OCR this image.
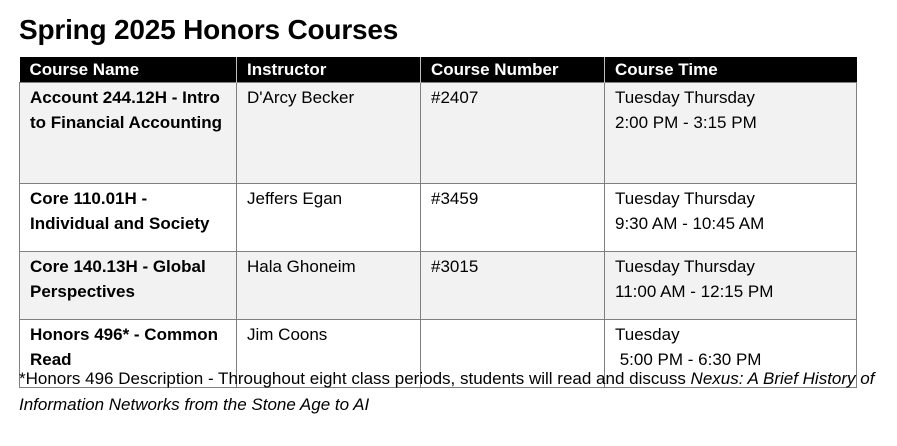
Spring 2025 Honors Courses
Course Name	Instructor	Course Number	Course Time
Account 244.12H - Intro to Financial Accounting	D'Arcy Becker	#2407	Tuesday Thursday
2:00 PM - 3:15 PM

Core 110.01H - Individual and Society	Jeffers Egan	#3459	Tuesday Thursday
9:30 AM - 10:45 AM

Core 140.13H - Global Perspectives	Hala Ghoneim	#3015	Tuesday Thursday
11:00 AM - 12:15 PM

Honors 496* - Common Read	Jim Coons		Tuesday
5:00 PM - 6:30 PM
*Honors 496 Description - Throughout eight class periods, students will read and discuss Nexus: A Brief History of Information Networks from the Stone Age to AI
